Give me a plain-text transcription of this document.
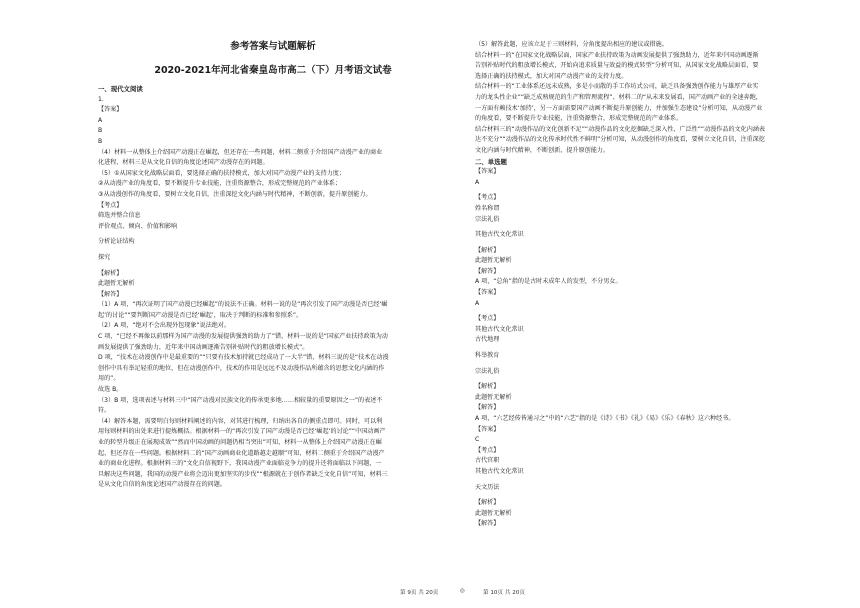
参考答案与试题解析
2020-2021年河北省秦皇岛市高二（下）月考语文试卷
一、现代文阅读
1.
【答案】
A
B
B
（4）材料一从整体上介绍国产动漫正在崛起，但还存在一些问题，材料二侧重于介绍国产动漫产业的商业
化进程，材料三是从文化自信的角度论述国产动漫存在的问题。
（5）①从国家文化战略层面看，要选择正确的扶持模式，加大对国产动漫产业的支持力度；
②从动漫产业的角度看，要不断提升专业技能，注重资源整合，形成完整规范的产业体系；
③从动漫创作的角度看，要树立文化自信，注重深挖文化内涵与时代精神，不断创新，提升原创能力。
【考点】
筛选并整合信息
评价观点、倾向、价值和影响
分析论证结构
探究
【解析】
此题暂无解析
【解答】
（1）A 项，“再次证明了国产动漫已经崛起”的说法不正确。材料一说的是“再次引发了国产动漫是否已经‘崛
起’的讨论”“要判断国产动漫是否已经‘崛起’，取决于判断的标准和参照系”。
（2）A 项，“绝对不会出现外包现象”说法绝对。
C 项，“已经不再像以前那样为国产动漫的发展提供强劲的助力了”错，材料一说的是“国家产业扶持政策为动
画发展提供了强劲助力，近年来中国动画逐渐告别补贴时代的粗放增长模式”。
D 项，“技术在动漫创作中是最重要的”“只要有技术加持就已经成功了一大半”错，材料三说的是“技术在动漫
创作中具有举足轻重的地位，但在动漫创作中，技术的作用是远远不及动漫作品所蕴含的思想文化内涵的作
用的”。
故选 B。
（3）B 项，选项表述与材料三中“国产动漫对民族文化的传承更多地……相较量的重要原因之一”的表述不
符。
（4）解答本题，需要明白每则材料阐述的内容，对其进行梳理，归纳出各自的侧重点即可。同时，可以利
用每则材料的出处来进行提炼概括。根据材料一的“再次引发了国产动漫是否已经‘崛起’的讨论”“中国动画产
业的转型升级正在展现成效”“然而中国动画的问题仍相当突出”可知，材料一从整体上介绍国产动漫正在崛
起，但还存在一些问题。根据材料二的“国产动画商业化道路越走越顺”可知，材料二侧重于介绍国产动漫产
业的商业化进程。根据材料三的“文化自信视野下，我国动漫产业面临竞争力的提升还将面临以下问题，一
旦解决这些问题，我国的动漫产业将会迈出更加坚实的步伐”“根源就在于创作者缺乏文化自信”可知，材料三
是从文化自信的角度论述国产动漫存在的问题。
（5）解答此题，应该立足于三则材料，分角度提出相应的建议或措施。
结合材料一的“在国家文化战略层面，国家产业扶持政策为动画发展提供了强劲助力，近年来中国动画逐渐
告别补贴时代的粗放增长模式，开始向追求质量与效益的模式转型”分析可知，从国家文化战略层面看，要
选择正确的扶持模式，加大对国产动漫产业的支持力度。
结合材料一的“工业体系还远未成熟，多是小而散的手工作坊式公司，缺乏具备强劲创作能力与雄厚产业实
力的龙头性企业”“缺乏成熟规范的生产和管理流程”、材料二的“从未来发展看，国产动画产业的全速奔跑，
一方面有赖技术‘加持’，另一方面需要国产动画不断提升原创能力，并加强生态建设”分析可知，从动漫产业
的角度看，要不断提升专业技能，注重资源整合，形成完整规范的产业体系。
结合材料三的“动漫作品的文化创新不足”“动漫作品的文化挖掘缺乏深入性、广泛性”“动漫作品的文化内涵表
达不充分”“动漫作品的文化传承时代性不鲜明”分析可知，从动漫创作的角度看，要树立文化自信，注重深挖
文化内涵与时代精神，不断创新，提升原创能力。
二、单选题
【答案】
A
【考点】
姓名称谓
宗法礼俗
其他古代文化常识
【解析】
此题暂无解析
【解答】
A 项，“总角”指的是古时未成年人的发型，不分男女。
【答案】
A
【考点】
其他古代文化常识
古代地理
科举教育
宗法礼俗
【解析】
此题暂无解析
【解答】
A 项，“六艺经传皆通习之”中的“六艺”指的是《诗》《书》《礼》《易》《乐》《春秋》这六种经书。
【答案】
C
【考点】
古代官职
其他古代文化常识
天文历法
【解析】
此题暂无解析
【解答】
第 9页 共 20页	◎	第 10页 共 20页
